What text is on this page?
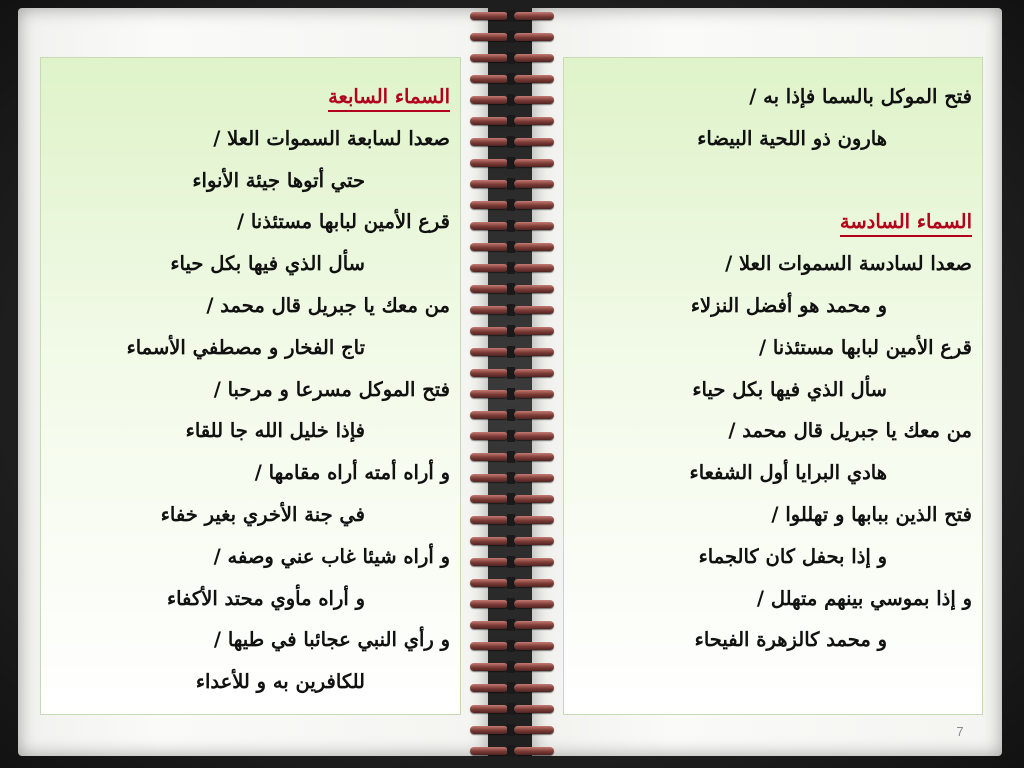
السماء السابعة
صعدا لسابعة السموات العلا /
حتي أتوها جيئة الأنواء
قرع الأمين لبابها مستئذنا /
سأل الذي فيها بكل حياء
من معك يا جبريل قال محمد /
تاج الفخار و مصطفي الأسماء
فتح الموكل مسرعا و مرحبا /
فإذا خليل الله جا للقاء
و أراه أمته أراه مقامها /
في جنة الأخري بغير خفاء
و أراه شيئا غاب عني وصفه /
و أراه مأوي محتد الأكفاء
و رأي النبي عجائبا في طيها /
للكافرين به و للأعداء
فتح الموكل بالسما فإذا به /
هارون ذو اللحية البيضاء
السماء السادسة
صعدا لسادسة السموات العلا /
و محمد هو أفضل النزلاء
قرع الأمين لبابها مستئذنا /
سأل الذي فيها بكل حياء
من معك يا جبريل قال محمد /
هادي البرايا أول الشفعاء
فتح الذين ببابها و تهللوا /
و إذا بحفل كان كالجماء
و إذا بموسي بينهم متهلل /
و محمد كالزهرة الفيحاء
7
